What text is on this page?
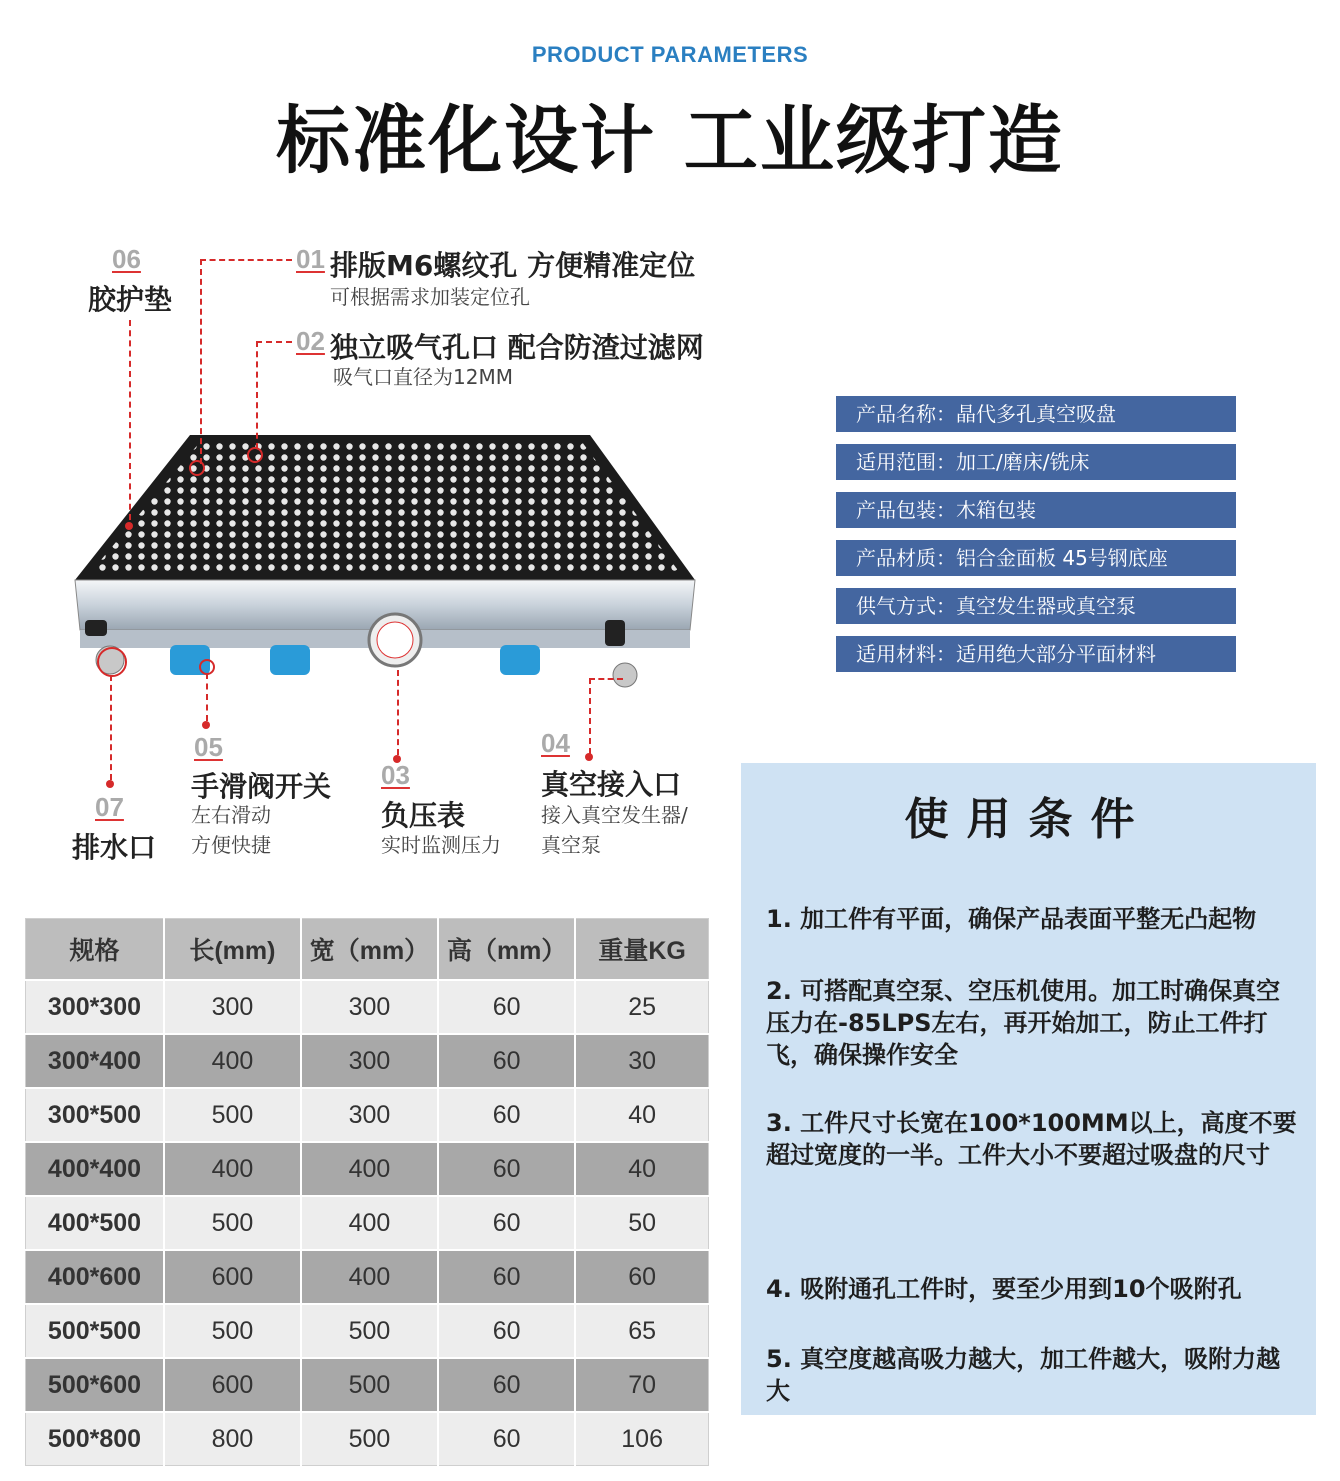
PRODUCT PARAMETERS
标准化设计 工业级打造
06
胶护垫
01 排版M6螺纹孔 方便精准定位
可根据需求加装定位孔
02 独立吸气孔口 配合防渣过滤网
吸气口直径为12MM
07
排水口
05
手滑阀开关
左右滑动
方便快捷
03
负压表
实时监测压力
04
真空接入口
接入真空发生器/
真空泵
产品名称：晶代多孔真空吸盘
适用范围：加工/磨床/铣床
产品包装：木箱包装
产品材质：铝合金面板 45号钢底座
供气方式：真空发生器或真空泵
适用材料：适用绝大部分平面材料
规格	长(mm)	宽（mm）	高（mm）	重量KG
300*300	300	300	60	25
300*400	400	300	60	30
300*500	500	300	60	40
400*400	400	400	60	40
400*500	500	400	60	50
400*600	600	400	60	60
500*500	500	500	60	65
500*600	600	500	60	70
500*800	800	500	60	106
使用条件
1. 加工件有平面，确保产品表面平整无凸起物
2. 可搭配真空泵、空压机使用。加工时确保真空压力在-85LPS左右，再开始加工，防止工件打飞，确保操作安全
3. 工件尺寸长宽在100*100MM以上，高度不要超过宽度的一半。工件大小不要超过吸盘的尺寸
4. 吸附通孔工件时，要至少用到10个吸附孔
5. 真空度越高吸力越大，加工件越大，吸附力越大
